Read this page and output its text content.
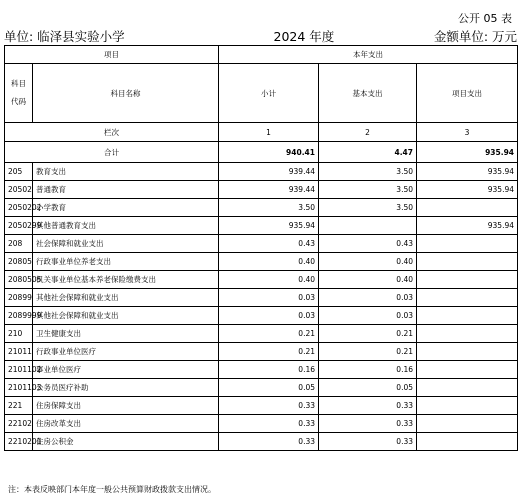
公开 05 表
单位: 临泽县实验小学	2024 年度	金额单位: 万元
项目		本年支出		
科目代码	科目名称	小计	基本支出	项目支出
栏次		1	2	3
合计		940.41	4.47	935.94
205	教育支出	939.44	3.50	935.94
20502	普通教育	939.44	3.50	935.94
2050202	小学教育	3.50	3.50	
2050299	其他普通教育支出	935.94		935.94
208	社会保障和就业支出	0.43	0.43	
20805	行政事业单位养老支出	0.40	0.40	
2080505	机关事业单位基本养老保险缴费支出	0.40	0.40	
20899	其他社会保障和就业支出	0.03	0.03	
2089999	其他社会保障和就业支出	0.03	0.03	
210	卫生健康支出	0.21	0.21	
21011	行政事业单位医疗	0.21	0.21	
2101102	事业单位医疗	0.16	0.16	
2101103	公务员医疗补助	0.05	0.05	
221	住房保障支出	0.33	0.33	
22102	住房改革支出	0.33	0.33	
2210201	住房公积金	0.33	0.33	
注：本表反映部门本年度一般公共预算财政拨款支出情况。
